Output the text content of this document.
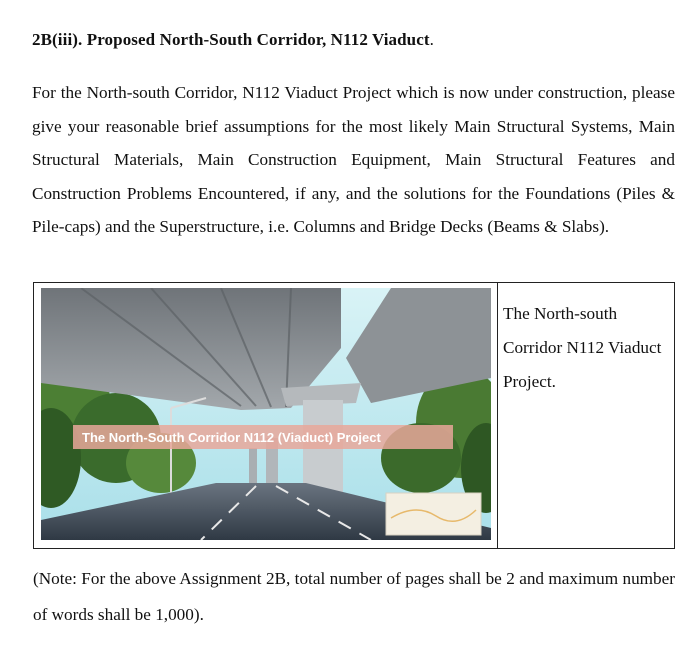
2B(iii). Proposed North-South Corridor, N112 Viaduct.
For the North-south Corridor, N112 Viaduct Project which is now under construction, please give your reasonable brief assumptions for the most likely Main Structural Systems, Main Structural Materials, Main Construction Equipment, Main Structural Features and Construction Problems Encountered, if any, and the solutions for the Foundations (Piles & Pile-caps) and the Superstructure, i.e. Columns and Bridge Decks (Beams & Slabs).
The North-South Corridor N112 (Viaduct) Project
The North-south Corridor N112 Viaduct Project.
(Note: For the above Assignment 2B, total number of pages shall be 2 and maximum number of words shall be 1,000).
